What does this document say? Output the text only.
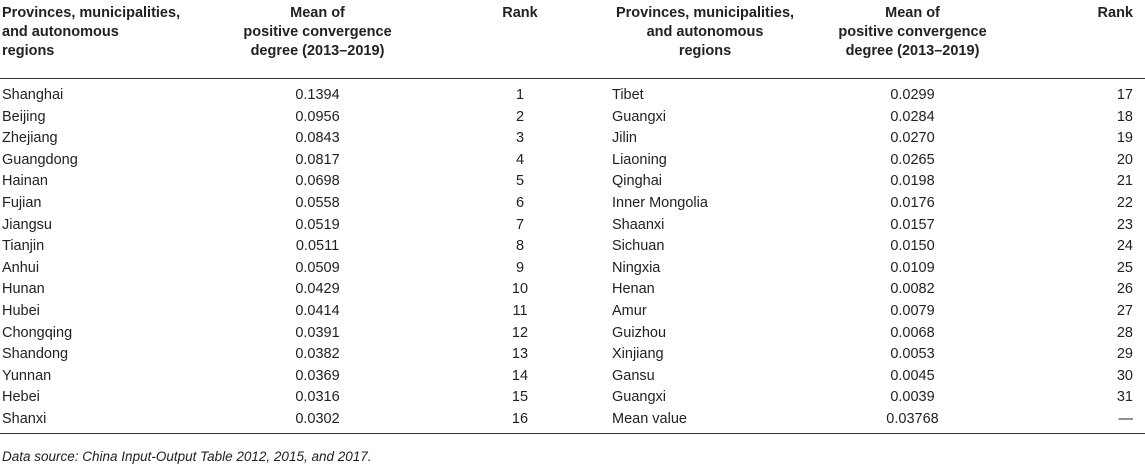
Provinces, municipalities,
and autonomous
regions	Mean of
positive convergence
degree (2013–2019)	Rank	Provinces, municipalities,
and autonomous
regions	Mean of
positive convergence
degree (2013–2019)	Rank
Shanghai	0.1394	1	Tibet	0.0299	17
Beijing	0.0956	2	Guangxi	0.0284	18
Zhejiang	0.0843	3	Jilin	0.0270	19
Guangdong	0.0817	4	Liaoning	0.0265	20
Hainan	0.0698	5	Qinghai	0.0198	21
Fujian	0.0558	6	Inner Mongolia	0.0176	22
Jiangsu	0.0519	7	Shaanxi	0.0157	23
Tianjin	0.0511	8	Sichuan	0.0150	24
Anhui	0.0509	9	Ningxia	0.0109	25
Hunan	0.0429	10	Henan	0.0082	26
Hubei	0.0414	11	Amur	0.0079	27
Chongqing	0.0391	12	Guizhou	0.0068	28
Shandong	0.0382	13	Xinjiang	0.0053	29
Yunnan	0.0369	14	Gansu	0.0045	30
Hebei	0.0316	15	Guangxi	0.0039	31
Shanxi	0.0302	16	Mean value	0.03768	—
Data source: China Input-Output Table 2012, 2015, and 2017.
